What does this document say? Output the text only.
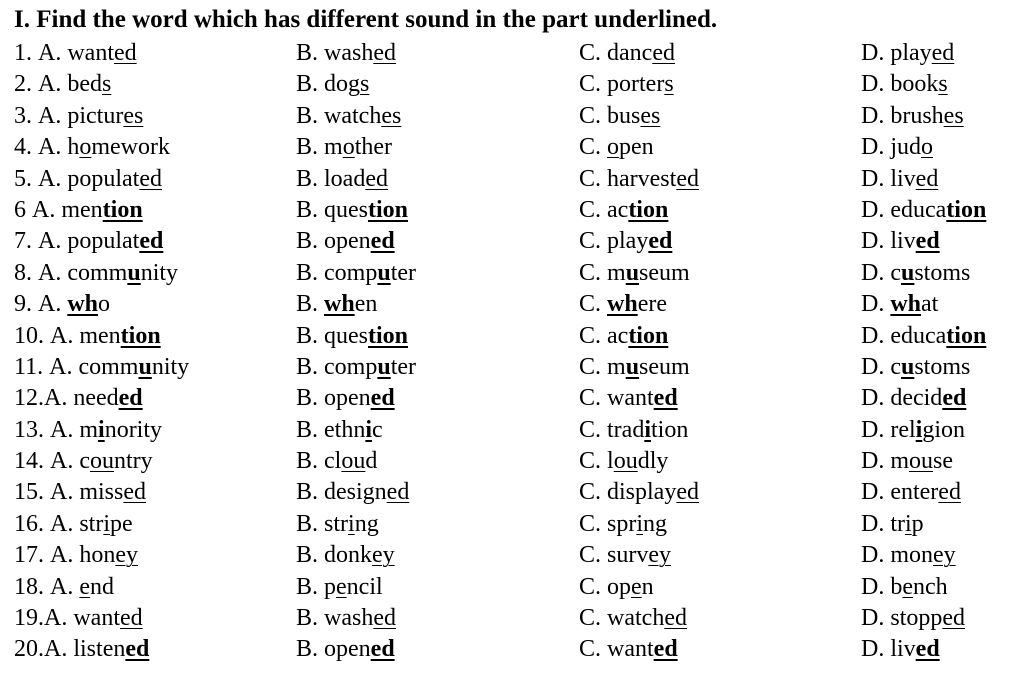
I. Find the word which has different sound in the part underlined.
1. A. wanted	B. washed	C. danced	D. played
2. A. beds	B. dogs	C. porters	D. books
3. A. pictures	B. watches	C. buses	D. brushes
4. A. homework	B. mother	C. open	D. judo
5. A. populated	B. loaded	C. harvested	D. lived
6 A. mention	B. question	C. action	D. education
7. A. populated	B. opened	C. played	D. lived
8. A. community	B. computer	C. museum	D. customs
9. A. who	B. when	C. where	D. what
10. A. mention	B. question	C. action	D. education
11. A. community	B. computer	C. museum	D. customs
12.A. needed	B. opened	C. wanted	D. decided
13. A. minority	B. ethnic	C. tradition	D. religion
14. A. country	B. cloud	C. loudly	D. mouse
15. A. missed	B. designed	C. displayed	D. entered
16. A. stripe	B. string	C. spring	D. trip
17. A. honey	B. donkey	C. survey	D. money
18. A. end	B. pencil	C. open	D. bench
19.A. wanted	B. washed	C. watched	D. stopped
20.A. listened	B. opened	C. wanted	D. lived
